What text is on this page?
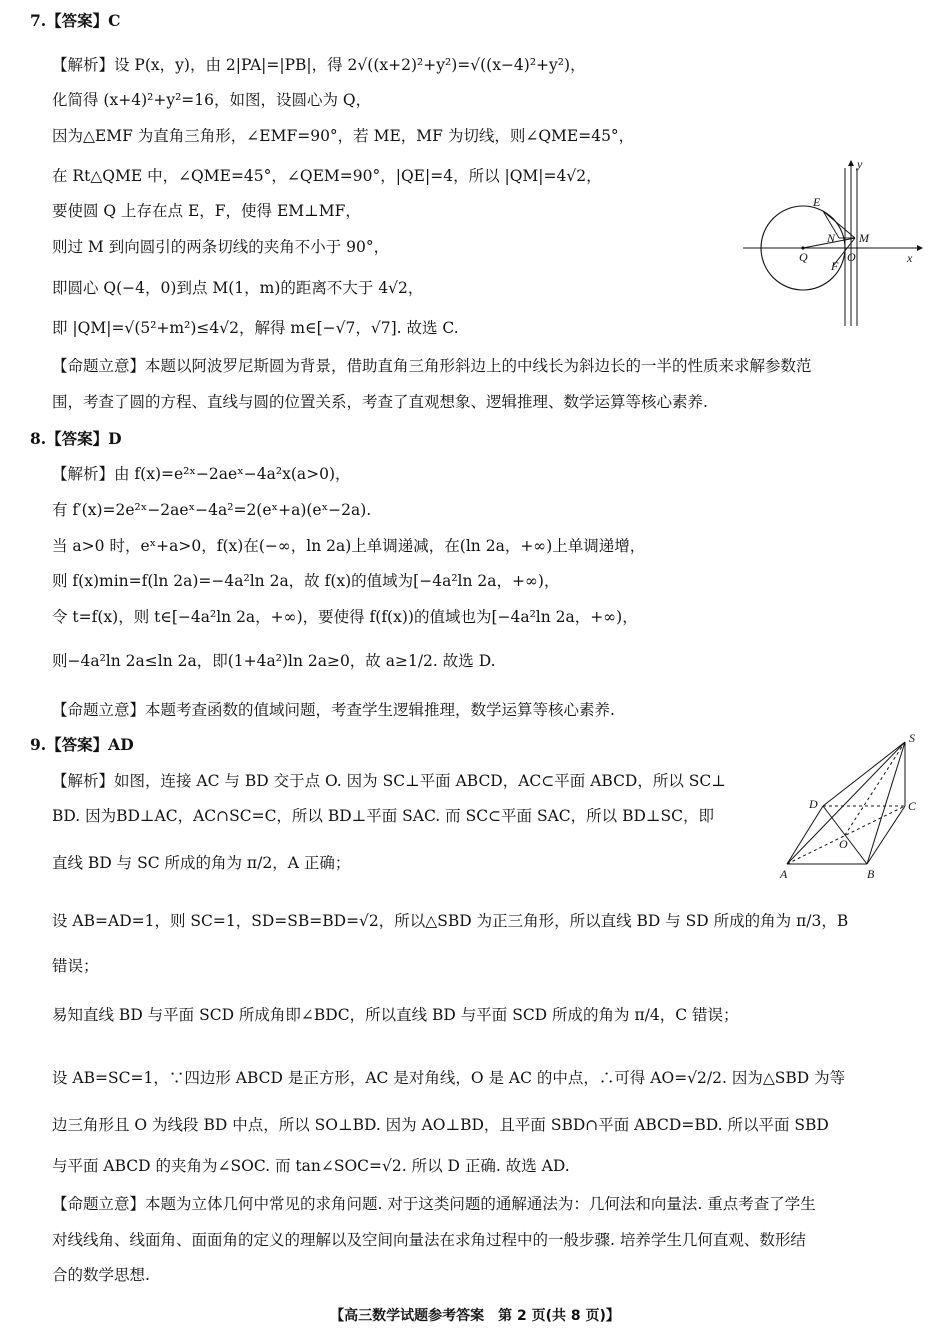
7.【答案】C
【解析】设 P(x，y)，由 2|PA|=|PB|，得 2√((x+2)²+y²)=√((x−4)²+y²)，
化简得 (x+4)²+y²=16，如图，设圆心为 Q，
因为△EMF 为直角三角形，∠EMF=90°，若 ME，MF 为切线，则∠QME=45°，
在 Rt△QME 中，∠QME=45°，∠QEM=90°，|QE|=4，所以 |QM|=4√2，
要使圆 Q 上存在点 E，F，使得 EM⊥MF，
则过 M 到向圆引的两条切线的夹角不小于 90°，
即圆心 Q(−4，0)到点 M(1，m)的距离不大于 4√2，
即 |QM|=√(5²+m²)≤4√2，解得 m∈[−√7，√7]. 故选 C.
【命题立意】本题以阿波罗尼斯圆为背景，借助直角三角形斜边上的中线长为斜边长的一半的性质来求解参数范
围，考查了圆的方程、直线与圆的位置关系，考查了直观想象、逻辑推理、数学运算等核心素养.
E
N M
Q
F
O	x
y
8.【答案】D
【解析】由 f(x)=e²ˣ−2aeˣ−4a²x(a>0)，
有 f′(x)=2e²ˣ−2aeˣ−4a²=2(eˣ+a)(eˣ−2a).
当 a>0 时，eˣ+a>0，f(x)在(−∞，ln 2a)上单调递减，在(ln 2a，+∞)上单调递增，
则 f(x)min=f(ln 2a)=−4a²ln 2a，故 f(x)的值域为[−4a²ln 2a，+∞)，
令 t=f(x)，则 t∈[−4a²ln 2a，+∞)，要使得 f(f(x))的值域也为[−4a²ln 2a，+∞)，
则−4a²ln 2a≤ln 2a，即(1+4a²)ln 2a≥0，故 a≥1/2. 故选 D.
【命题立意】本题考查函数的值域问题，考查学生逻辑推理，数学运算等核心素养.
9.【答案】AD
【解析】如图，连接 AC 与 BD 交于点 O. 因为 SC⊥平面 ABCD，AC⊂平面 ABCD，所以 SC⊥
BD. 因为BD⊥AC，AC∩SC=C，所以 BD⊥平面 SAC. 而 SC⊂平面 SAC，所以 BD⊥SC，即
直线 BD 与 SC 所成的角为 π/2，A 正确；
设 AB=AD=1，则 SC=1，SD=SB=BD=√2，所以△SBD 为正三角形，所以直线 BD 与 SD 所成的角为 π/3，B
错误；
易知直线 BD 与平面 SCD 所成角即∠BDC，所以直线 BD 与平面 SCD 所成的角为 π/4，C 错误；
设 AB=SC=1，∵四边形 ABCD 是正方形，AC 是对角线，O 是 AC 的中点，∴可得 AO=√2/2. 因为△SBD 为等
边三角形且 O 为线段 BD 中点，所以 SO⊥BD. 因为 AO⊥BD，且平面 SBD∩平面 ABCD=BD. 所以平面 SBD
与平面 ABCD 的夹角为∠SOC. 而 tan∠SOC=√2. 所以 D 正确. 故选 AD.
【命题立意】本题为立体几何中常见的求角问题. 对于这类问题的通解通法为：几何法和向量法. 重点考查了学生
对线线角、线面角、面面角的定义的理解以及空间向量法在求角过程中的一般步骤. 培养学生几何直观、数形结
合的数学思想.
S
D	C
O
A	B
【高三数学试题参考答案　第 2 页(共 8 页)】
